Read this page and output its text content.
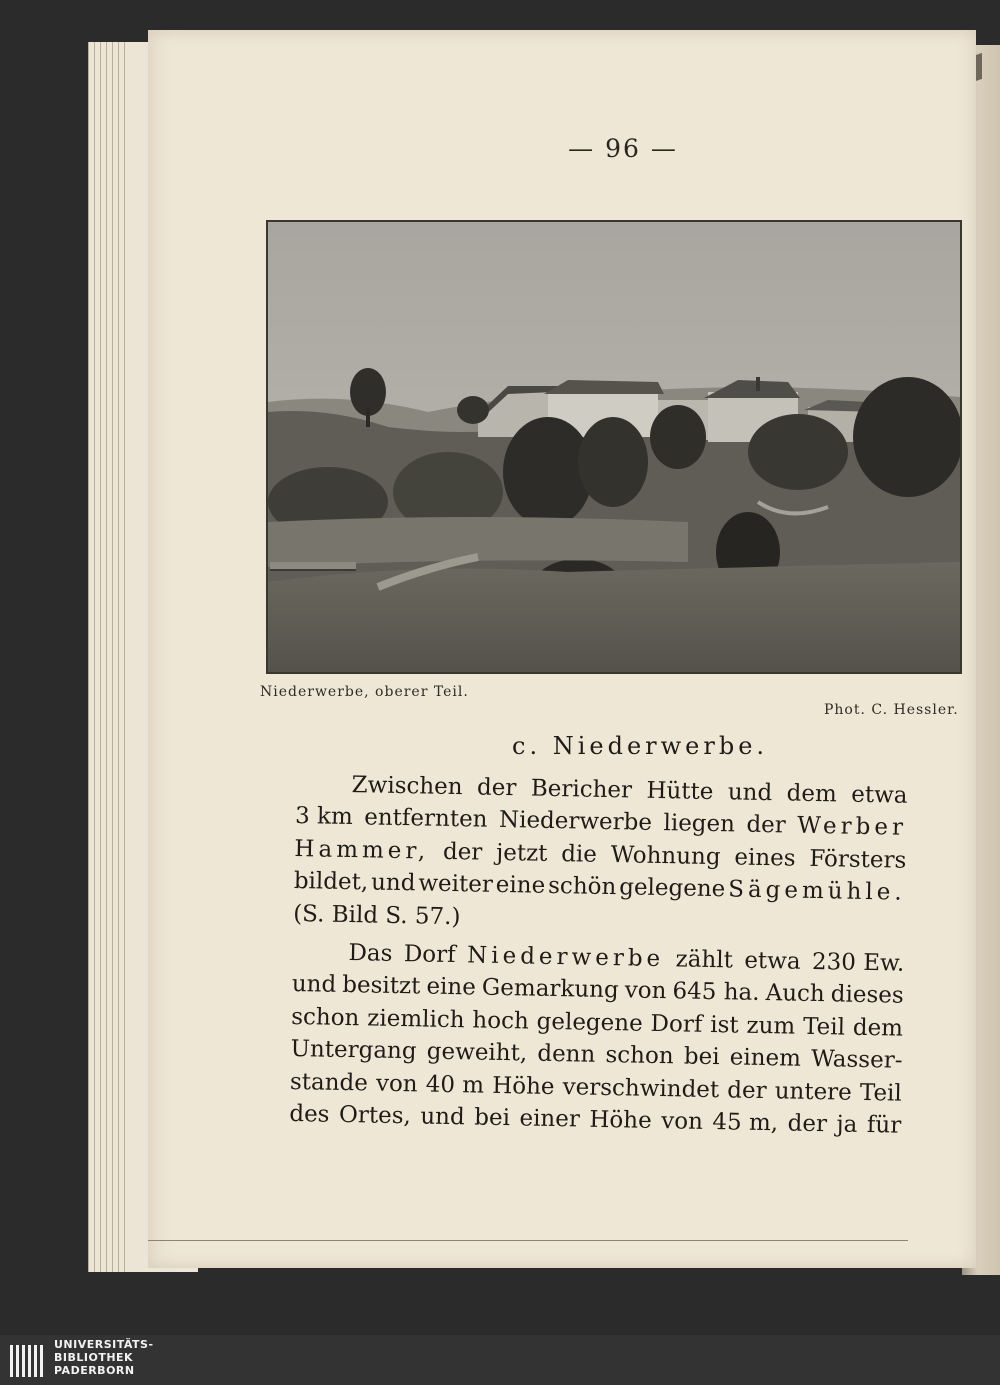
— 96 —
Niederwerbe, oberer Teil.
Phot. C. Hessler.
c. Niederwerbe.
Zwischen der Bericher Hütte und dem etwa
3 km entfernten Niederwerbe liegen der Werber
Hammer, der jetzt die Wohnung eines Försters
bildet, und weiter eine schön gelegene Sägemühle.
(S. Bild S. 57.)
Das Dorf Niederwerbe zählt etwa 230 Ew.
und besitzt eine Gemarkung von 645 ha. Auch dieses
schon ziemlich hoch gelegene Dorf ist zum Teil dem
Untergang geweiht, denn schon bei einem Wasser-
stande von 40 m Höhe verschwindet der untere Teil
des Ortes, und bei einer Höhe von 45 m, der ja für
UNIVERSITÄTS-
BIBLIOTHEK
PADERBORN
